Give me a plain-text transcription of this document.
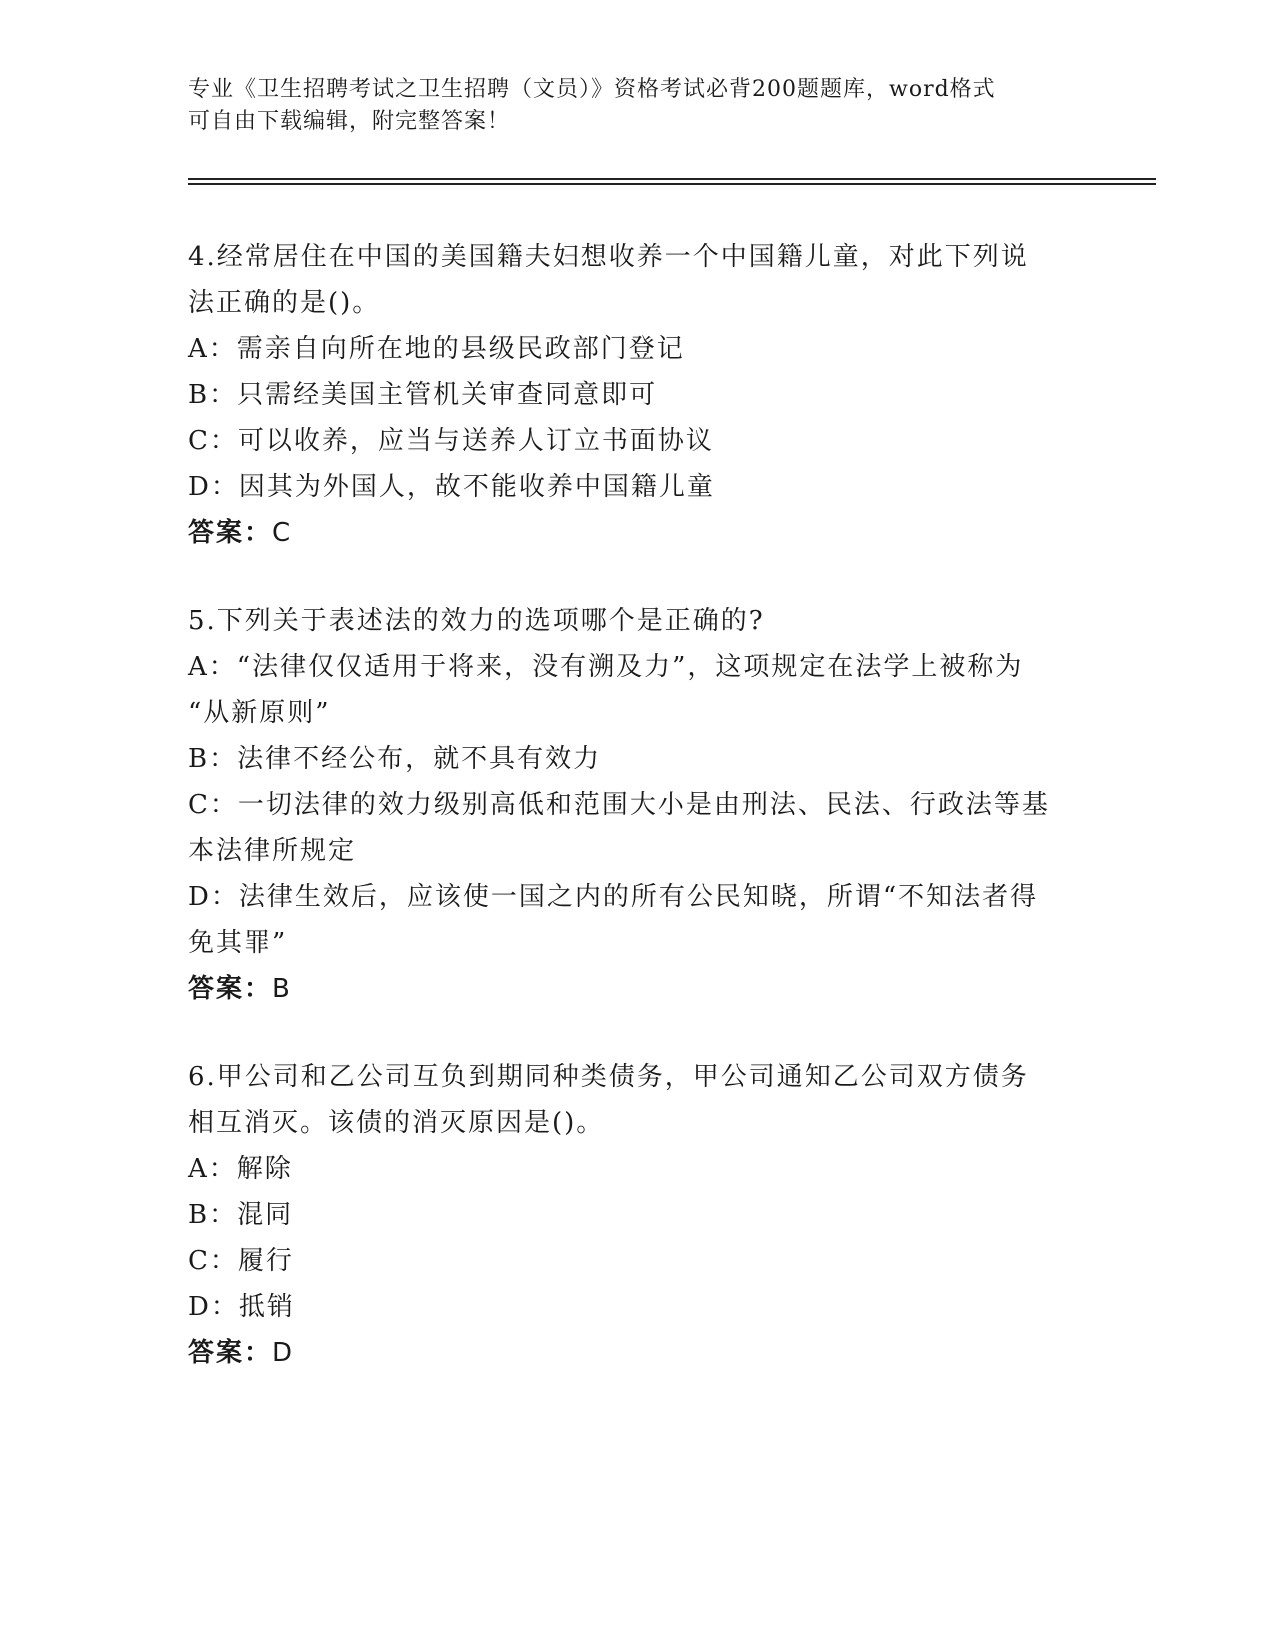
专业《卫生招聘考试之卫生招聘（文员）》资格考试必背200题题库，word格式
可自由下载编辑，附完整答案！
4.经常居住在中国的美国籍夫妇想收养一个中国籍儿童，对此下列说
法正确的是()。
A：需亲自向所在地的县级民政部门登记
B：只需经美国主管机关审查同意即可
C：可以收养，应当与送养人订立书面协议
D：因其为外国人，故不能收养中国籍儿童
答案：C
5.下列关于表述法的效力的选项哪个是正确的?
A：“法律仅仅适用于将来，没有溯及力”，这项规定在法学上被称为
“从新原则”
B：法律不经公布，就不具有效力
C：一切法律的效力级别高低和范围大小是由刑法、民法、行政法等基
本法律所规定
D：法律生效后，应该使一国之内的所有公民知晓，所谓“不知法者得
免其罪”
答案：B
6.甲公司和乙公司互负到期同种类债务，甲公司通知乙公司双方债务
相互消灭。该债的消灭原因是()。
A：解除
B：混同
C：履行
D：抵销
答案：D
